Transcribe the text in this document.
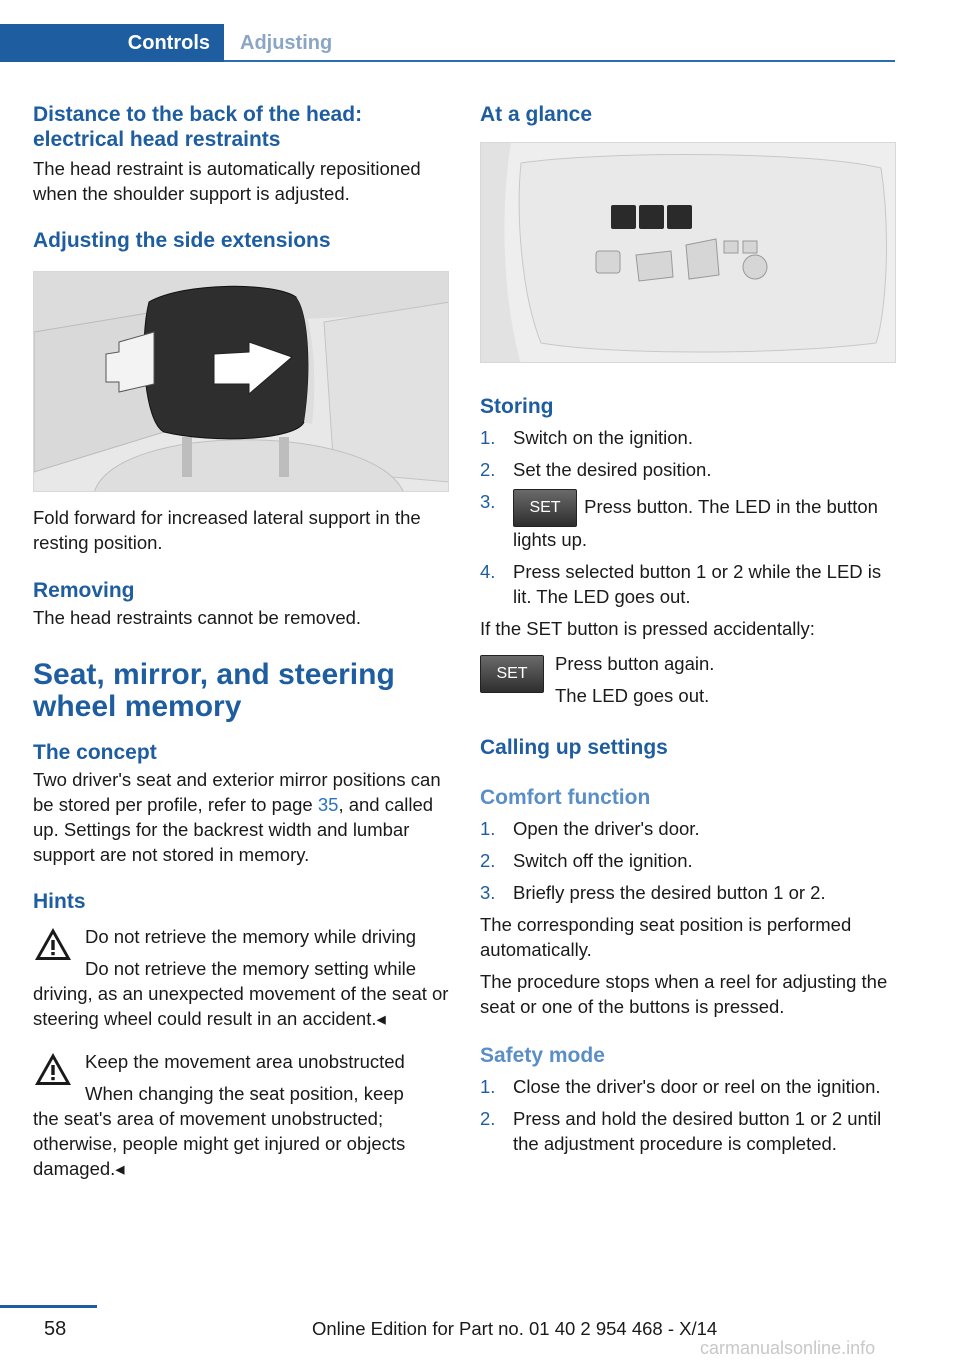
Controls	Adjusting
Distance to the back of the head: electrical head restraints

The head restraint is automatically repositioned when the shoulder support is adjusted.

Adjusting the side extensions

Fold forward for increased lateral support in the resting position.

Removing

The head restraints cannot be removed.

Seat, mirror, and steering wheel memory
The concept

Two driver's seat and exterior mirror positions can be stored per profile, refer to page 35, and called up. Settings for the backrest width and lumbar support are not stored in memory.

Hints
Do not retrieve the memory while driving
Do not retrieve the memory setting while

driving, as an unexpected movement of the seat or steering wheel could result in an accident.◂

Keep the movement area unobstructed
When changing the seat position, keep

the seat's area of movement unobstructed; otherwise, people might get injured or objects damaged.◂

At a glance
Storing
1. Switch on the ignition.
2. Set the desired position.
3. SET Press button. The LED in the button lights up.
4. Press selected button 1 or 2 while the LED is lit. The LED goes out.

If the SET button is pressed accidentally:

SET	Press button again.

The LED goes out.

Calling up settings
Comfort function
1. Open the driver's door.
2. Switch off the ignition.
3. Briefly press the desired button 1 or 2.

The corresponding seat position is performed automatically.

The procedure stops when a reel for adjusting the seat or one of the buttons is pressed.

Safety mode
1. Close the driver's door or reel on the ignition.
2. Press and hold the desired button 1 or 2 until the adjustment procedure is completed.
58	Online Edition for Part no. 01 40 2 954 468 - X/14
carmanualsonline.info
